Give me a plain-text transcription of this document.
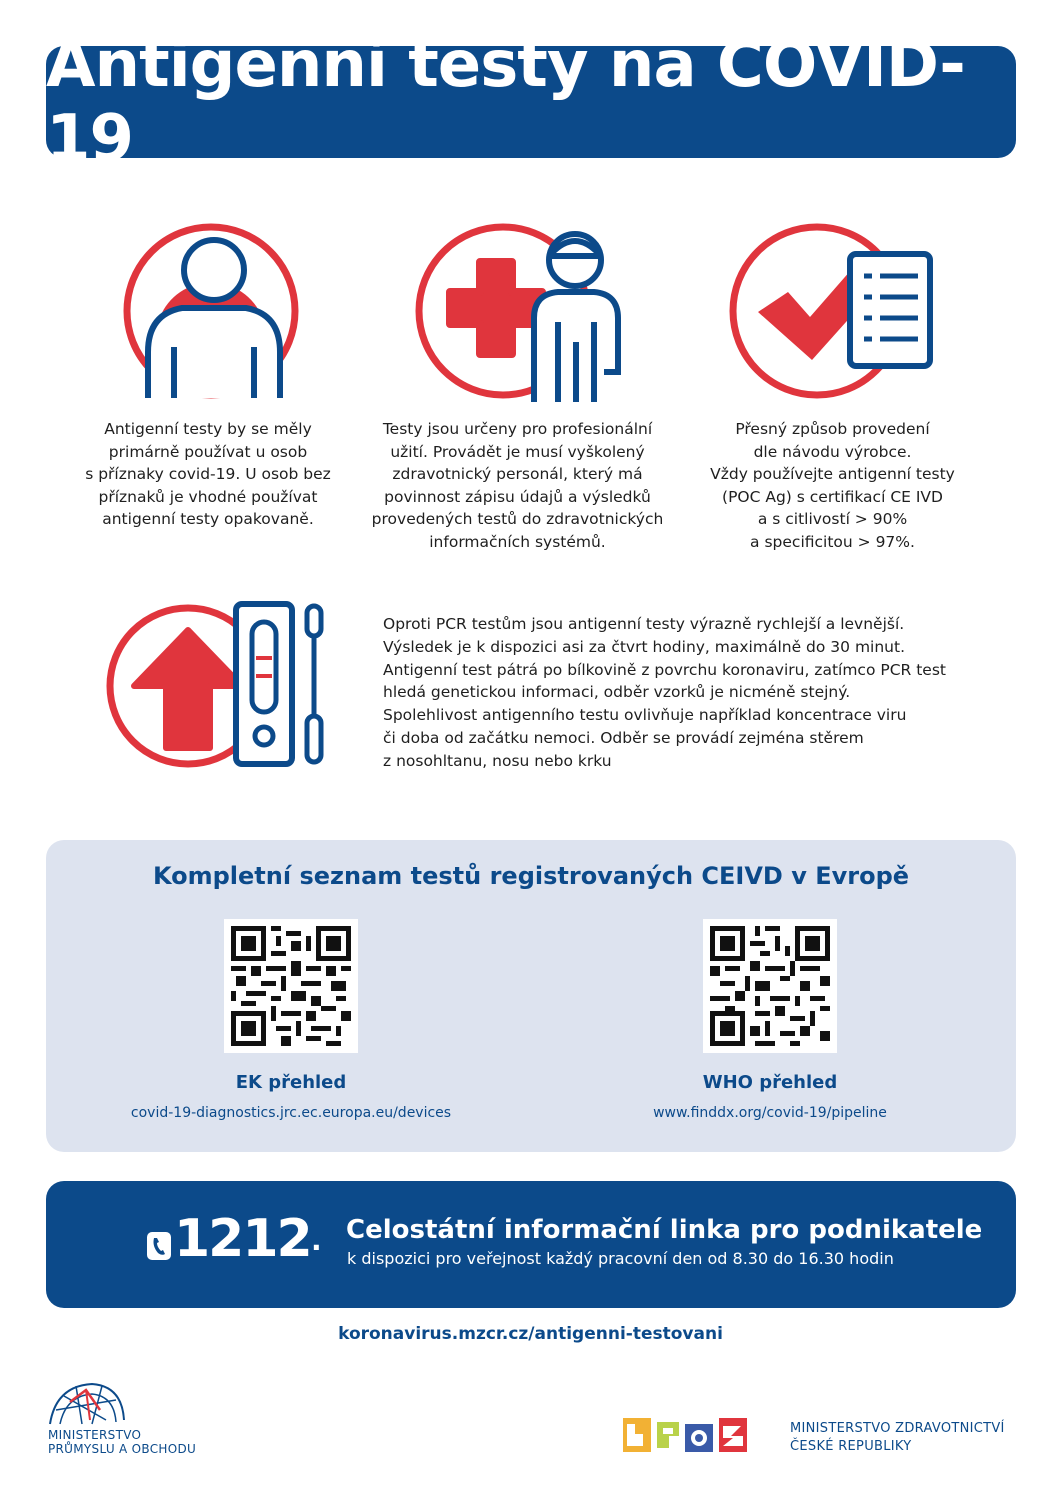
Antigenní testy na COVID-19

Antigenní testy by se měly

primárně používat u osob

s příznaky covid-19. U osob bez

příznaků je vhodné používat

antigenní testy opakovaně.

Testy jsou určeny pro profesionální

užití. Provádět je musí vyškolený

zdravotnický personál, který má

povinnost zápisu údajů a výsledků

provedených testů do zdravotnických

informačních systémů.

Přesný způsob provedení

dle návodu výrobce.

Vždy používejte antigenní testy

(POC Ag) s certifikací CE IVD

a s citlivostí > 90%

a specificitou > 97%.

Oproti PCR testům jsou antigenní testy výrazně rychlejší a levnější.

Výsledek je k dispozici asi za čtvrt hodiny, maximálně do 30 minut.

Antigenní test pátrá po bílkovině z povrchu koronaviru, zatímco PCR test

hledá genetickou informaci, odběr vzorků je nicméně stejný.

Spolehlivost antigenního testu ovlivňuje například koncentrace viru

či doba od začátku nemoci. Odběr se provádí zejména stěrem

z nosohltanu, nosu nebo krku

Kompletní seznam testů registrovaných CEIVD v Evropě
EK přehled
covid-19-diagnostics.jrc.ec.europa.eu/devices
WHO přehled
www.finddx.org/covid-19/pipeline
1212 ·
Celostátní informační linka pro podnikatele
k dispozici pro veřejnost každý pracovní den od 8.30 do 16.30 hodin
koronavirus.mzcr.cz/antigenni-testovani
MINISTERSTVO
PRŮMYSLU A OBCHODU
MINISTERSTVO ZDRAVOTNICTVÍ
ČESKÉ REPUBLIKY
